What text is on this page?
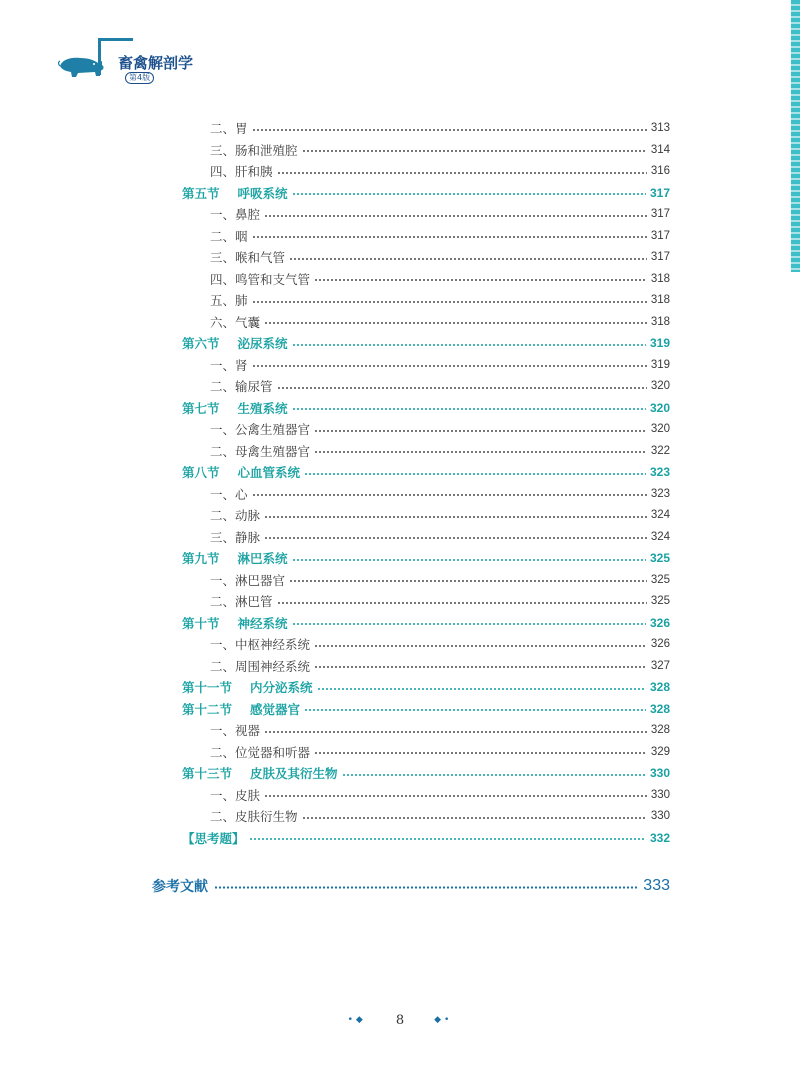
畜禽解剖学
第4版
二、胃	313
三、肠和泄殖腔	314
四、肝和胰	316
第五节 呼吸系统	317
一、鼻腔	317
二、咽	317
三、喉和气管	317
四、鸣管和支气管	318
五、肺	318
六、气囊	318
第六节 泌尿系统	319
一、肾	319
二、输尿管	320
第七节 生殖系统	320
一、公禽生殖器官	320
二、母禽生殖器官	322
第八节 心血管系统	323
一、心	323
二、动脉	324
三、静脉	324
第九节 淋巴系统	325
一、淋巴器官	325
二、淋巴管	325
第十节 神经系统	326
一、中枢神经系统	326
二、周围神经系统	327
第十一节 内分泌系统	328
第十二节 感觉器官	328
一、视器	328
二、位觉器和听器	329
第十三节 皮肤及其衍生物	330
一、皮肤	330
二、皮肤衍生物	330
【思考题】	332
参考文献	333
•◆ 8	◆•
